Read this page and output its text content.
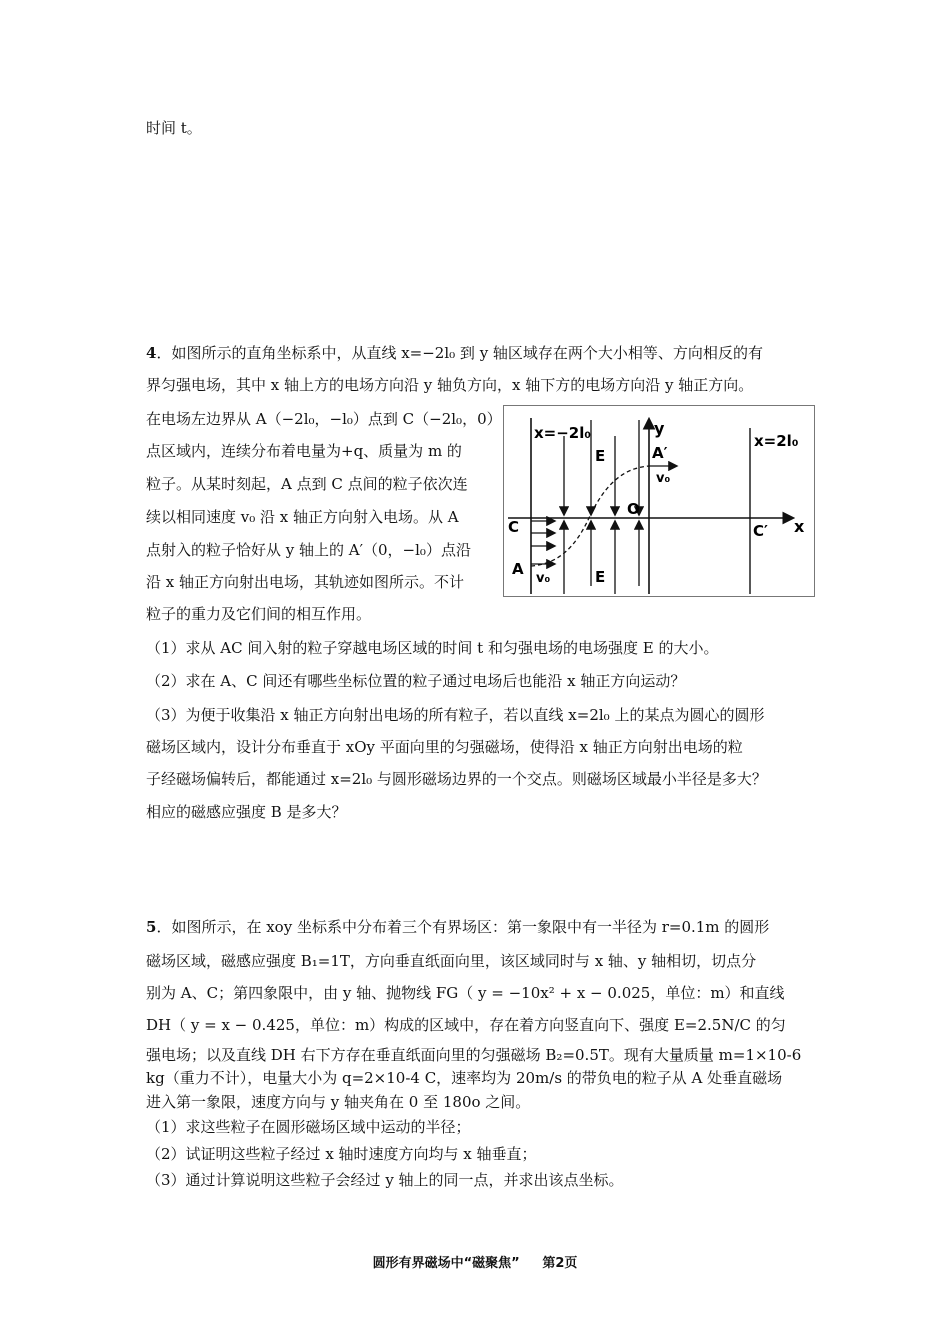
时间 t。
4．如图所示的直角坐标系中，从直线 x=−2l₀ 到 y 轴区域存在两个大小相等、方向相反的有
界匀强电场，其中 x 轴上方的电场方向沿 y 轴负方向，x 轴下方的电场方向沿 y 轴正方向。
在电场左边界从 A（−2l₀，−l₀）点到 C（−2l₀，0）
点区域内，连续分布着电量为+q、质量为 m 的
粒子。从某时刻起，A 点到 C 点间的粒子依次连
续以相同速度 v₀ 沿 x 轴正方向射入电场。从 A
点射入的粒子恰好从 y 轴上的 A′（0，−l₀）点沿
沿 x 轴正方向射出电场，其轨迹如图所示。不计
粒子的重力及它们间的相互作用。
（1）求从 AC 间入射的粒子穿越电场区域的时间 t 和匀强电场的电场强度 E 的大小。
（2）求在 A、C 间还有哪些坐标位置的粒子通过电场后也能沿 x 轴正方向运动？
（3）为便于收集沿 x 轴正方向射出电场的所有粒子，若以直线 x=2l₀ 上的某点为圆心的圆形
磁场区域内，设计分布垂直于 xOy 平面向里的匀强磁场，使得沿 x 轴正方向射出电场的粒
子经磁场偏转后，都能通过 x=2l₀ 与圆形磁场边界的一个交点。则磁场区域最小半径是多大？
相应的磁感应强度 B 是多大？
x=−2l₀	x=2l₀
y
x
O
C	C′
A
A′
v₀
v₀
E
E
5．如图所示，在 xoy 坐标系中分布着三个有界场区：第一象限中有一半径为 r=0.1m 的圆形
磁场区域，磁感应强度 B₁=1T，方向垂直纸面向里，该区域同时与 x 轴、y 轴相切，切点分
别为 A、C；第四象限中，由 y 轴、抛物线 FG（ y = −10x² + x − 0.025，单位：m）和直线
DH（ y = x − 0.425，单位：m）构成的区域中，存在着方向竖直向下、强度 E=2.5N/C 的匀
强电场；以及直线 DH 右下方存在垂直纸面向里的匀强磁场 B₂=0.5T。现有大量质量 m=1×10-6
kg（重力不计），电量大小为 q=2×10-4 C，速率均为 20m/s 的带负电的粒子从 A 处垂直磁场
进入第一象限，速度方向与 y 轴夹角在 0 至 180o 之间。
（1）求这些粒子在圆形磁场区域中运动的半径；
（2）试证明这些粒子经过 x 轴时速度方向均与 x 轴垂直；
（3）通过计算说明这些粒子会经过 y 轴上的同一点，并求出该点坐标。
圆形有界磁场中“磁聚焦” 第2页
